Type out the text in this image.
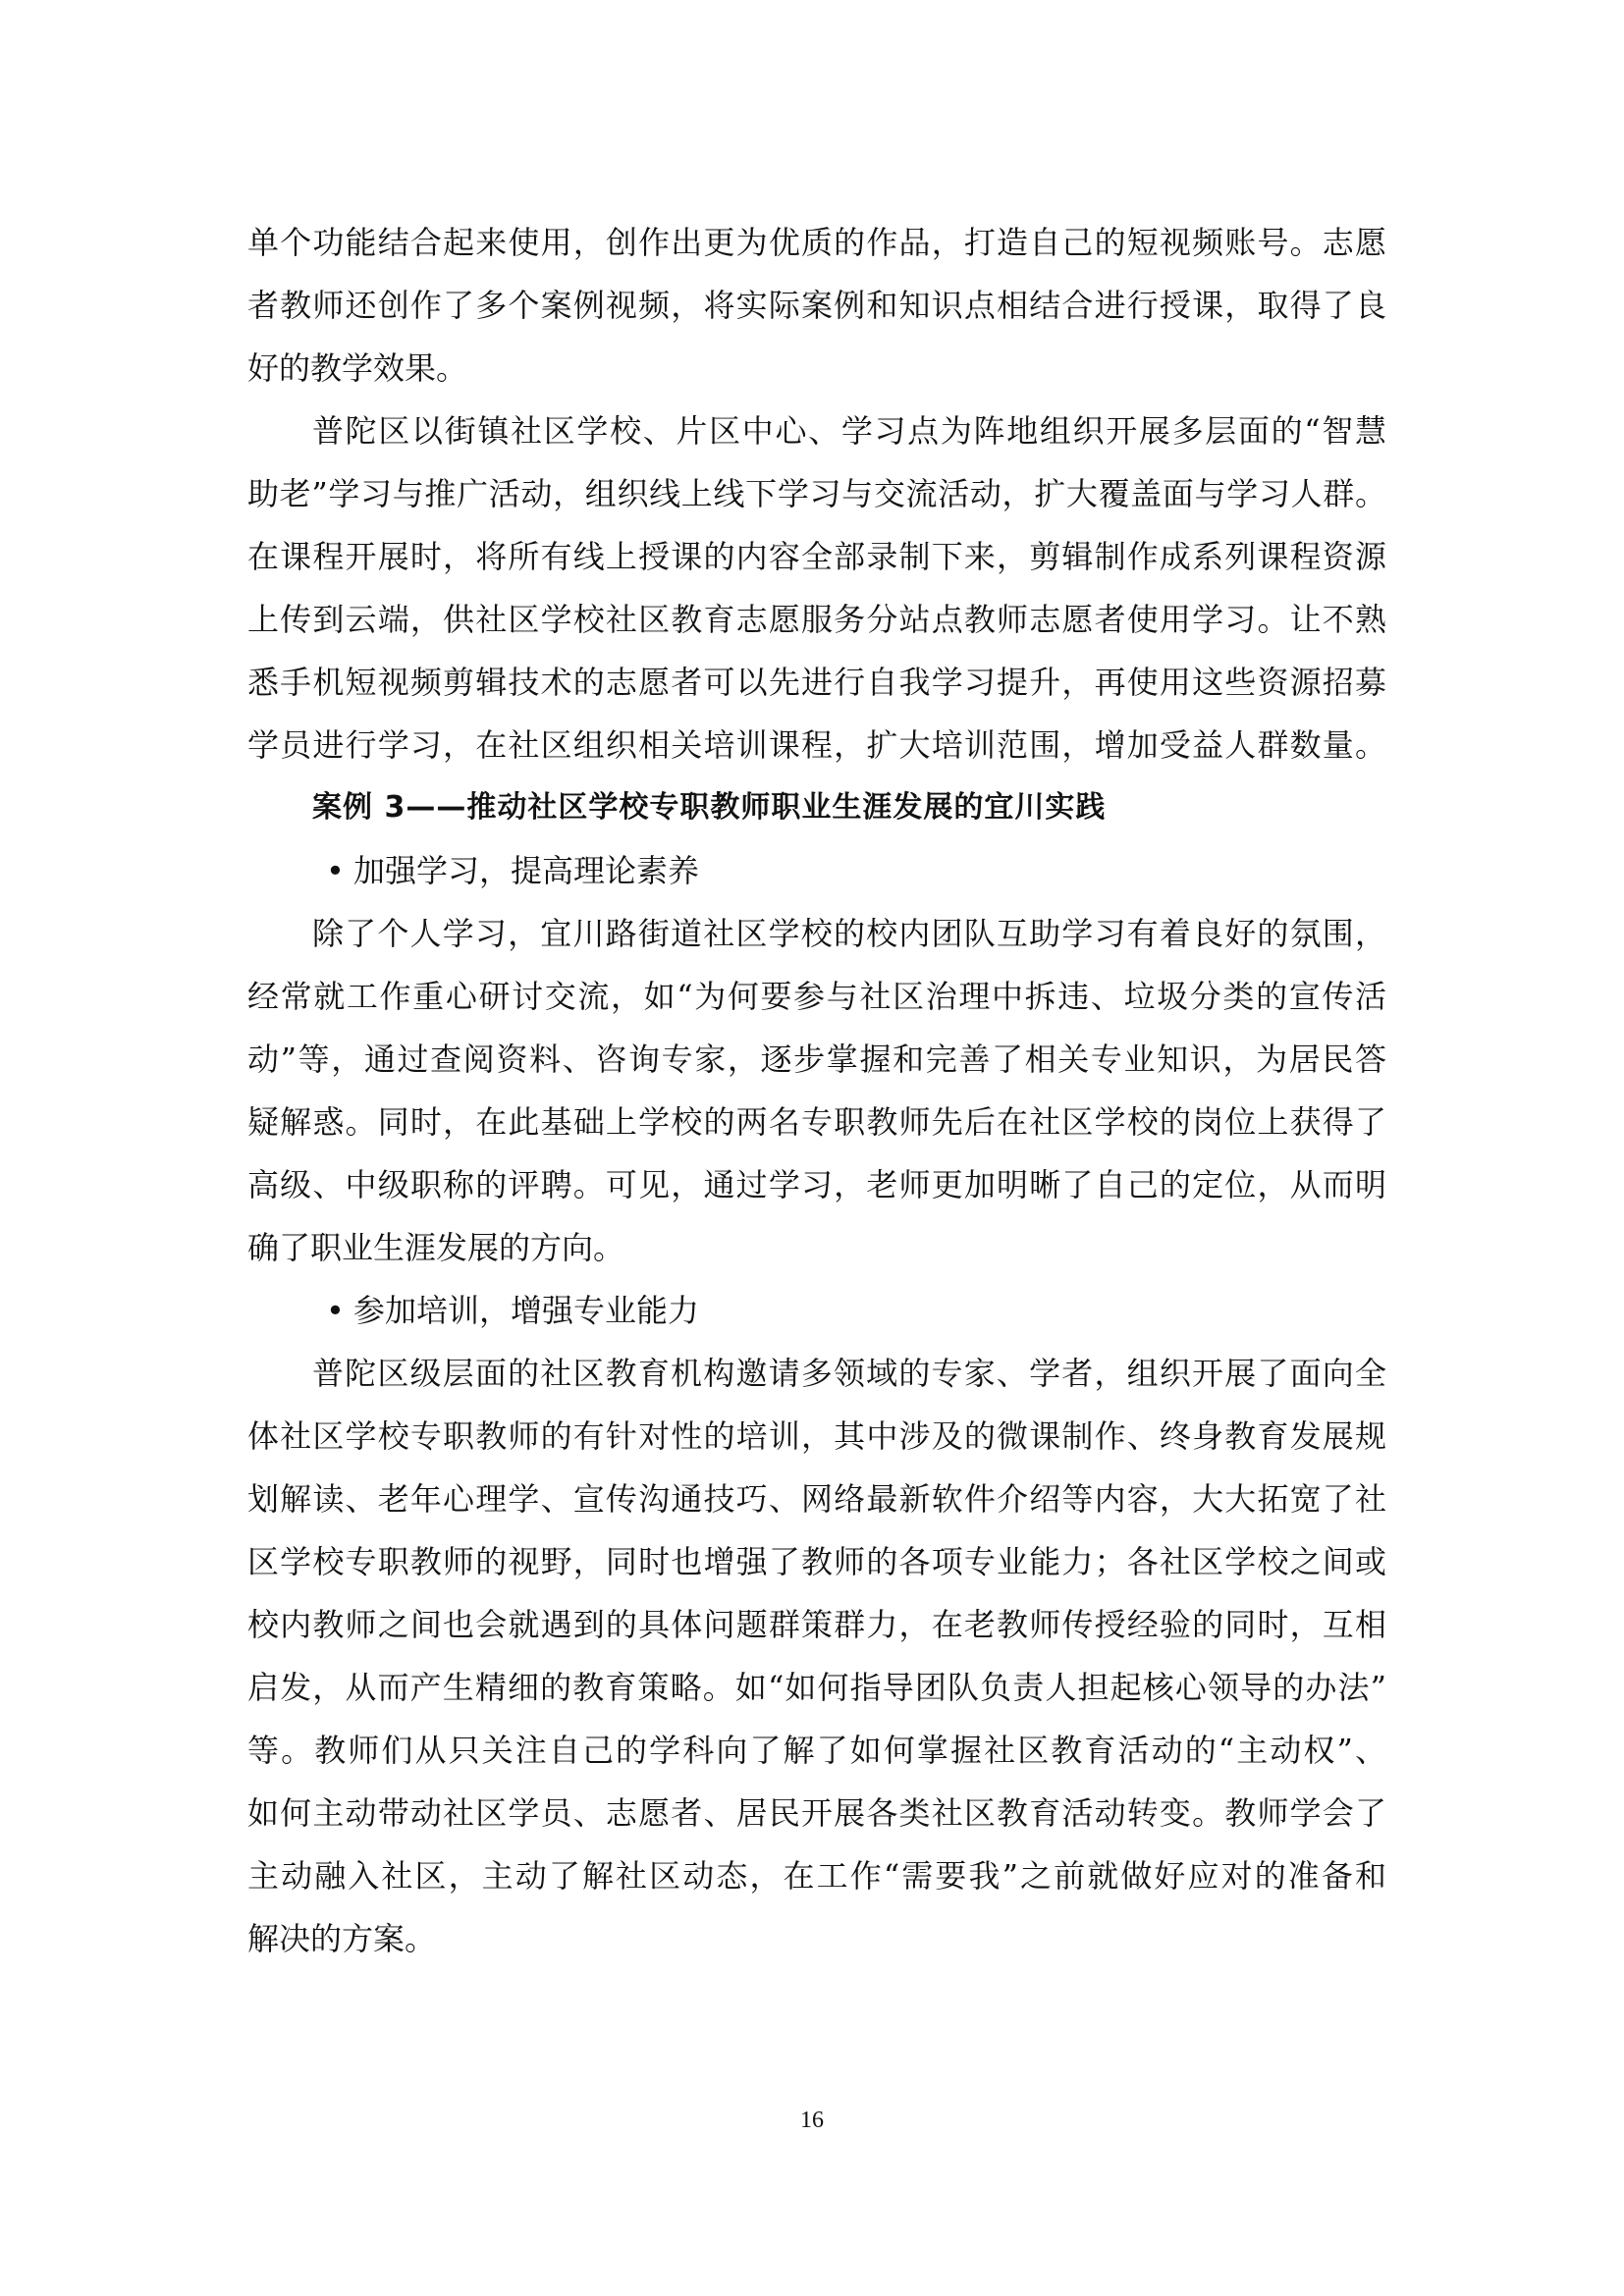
单个功能结合起来使用，创作出更为优质的作品，打造自己的短视频账号。志愿
者教师还创作了多个案例视频，将实际案例和知识点相结合进行授课，取得了良
好的教学效果。
普陀区以街镇社区学校、片区中心、学习点为阵地组织开展多层面的“智慧
助老”学习与推广活动，组织线上线下学习与交流活动，扩大覆盖面与学习人群。
在课程开展时，将所有线上授课的内容全部录制下来，剪辑制作成系列课程资源
上传到云端，供社区学校社区教育志愿服务分站点教师志愿者使用学习。让不熟
悉手机短视频剪辑技术的志愿者可以先进行自我学习提升，再使用这些资源招募
学员进行学习，在社区组织相关培训课程，扩大培训范围，增加受益人群数量。
案例 3——推动社区学校专职教师职业生涯发展的宜川实践
• 加强学习，提高理论素养
除了个人学习，宜川路街道社区学校的校内团队互助学习有着良好的氛围，
经常就工作重心研讨交流，如“为何要参与社区治理中拆违、垃圾分类的宣传活
动”等，通过查阅资料、咨询专家，逐步掌握和完善了相关专业知识，为居民答
疑解惑。同时，在此基础上学校的两名专职教师先后在社区学校的岗位上获得了
高级、中级职称的评聘。可见，通过学习，老师更加明晰了自己的定位，从而明
确了职业生涯发展的方向。
• 参加培训，增强专业能力
普陀区级层面的社区教育机构邀请多领域的专家、学者，组织开展了面向全
体社区学校专职教师的有针对性的培训，其中涉及的微课制作、终身教育发展规
划解读、老年心理学、宣传沟通技巧、网络最新软件介绍等内容，大大拓宽了社
区学校专职教师的视野，同时也增强了教师的各项专业能力；各社区学校之间或
校内教师之间也会就遇到的具体问题群策群力，在老教师传授经验的同时，互相
启发，从而产生精细的教育策略。如“如何指导团队负责人担起核心领导的办法”
等。教师们从只关注自己的学科向了解了如何掌握社区教育活动的“主动权”、
如何主动带动社区学员、志愿者、居民开展各类社区教育活动转变。教师学会了
主动融入社区，主动了解社区动态，在工作“需要我”之前就做好应对的准备和
解决的方案。
16
